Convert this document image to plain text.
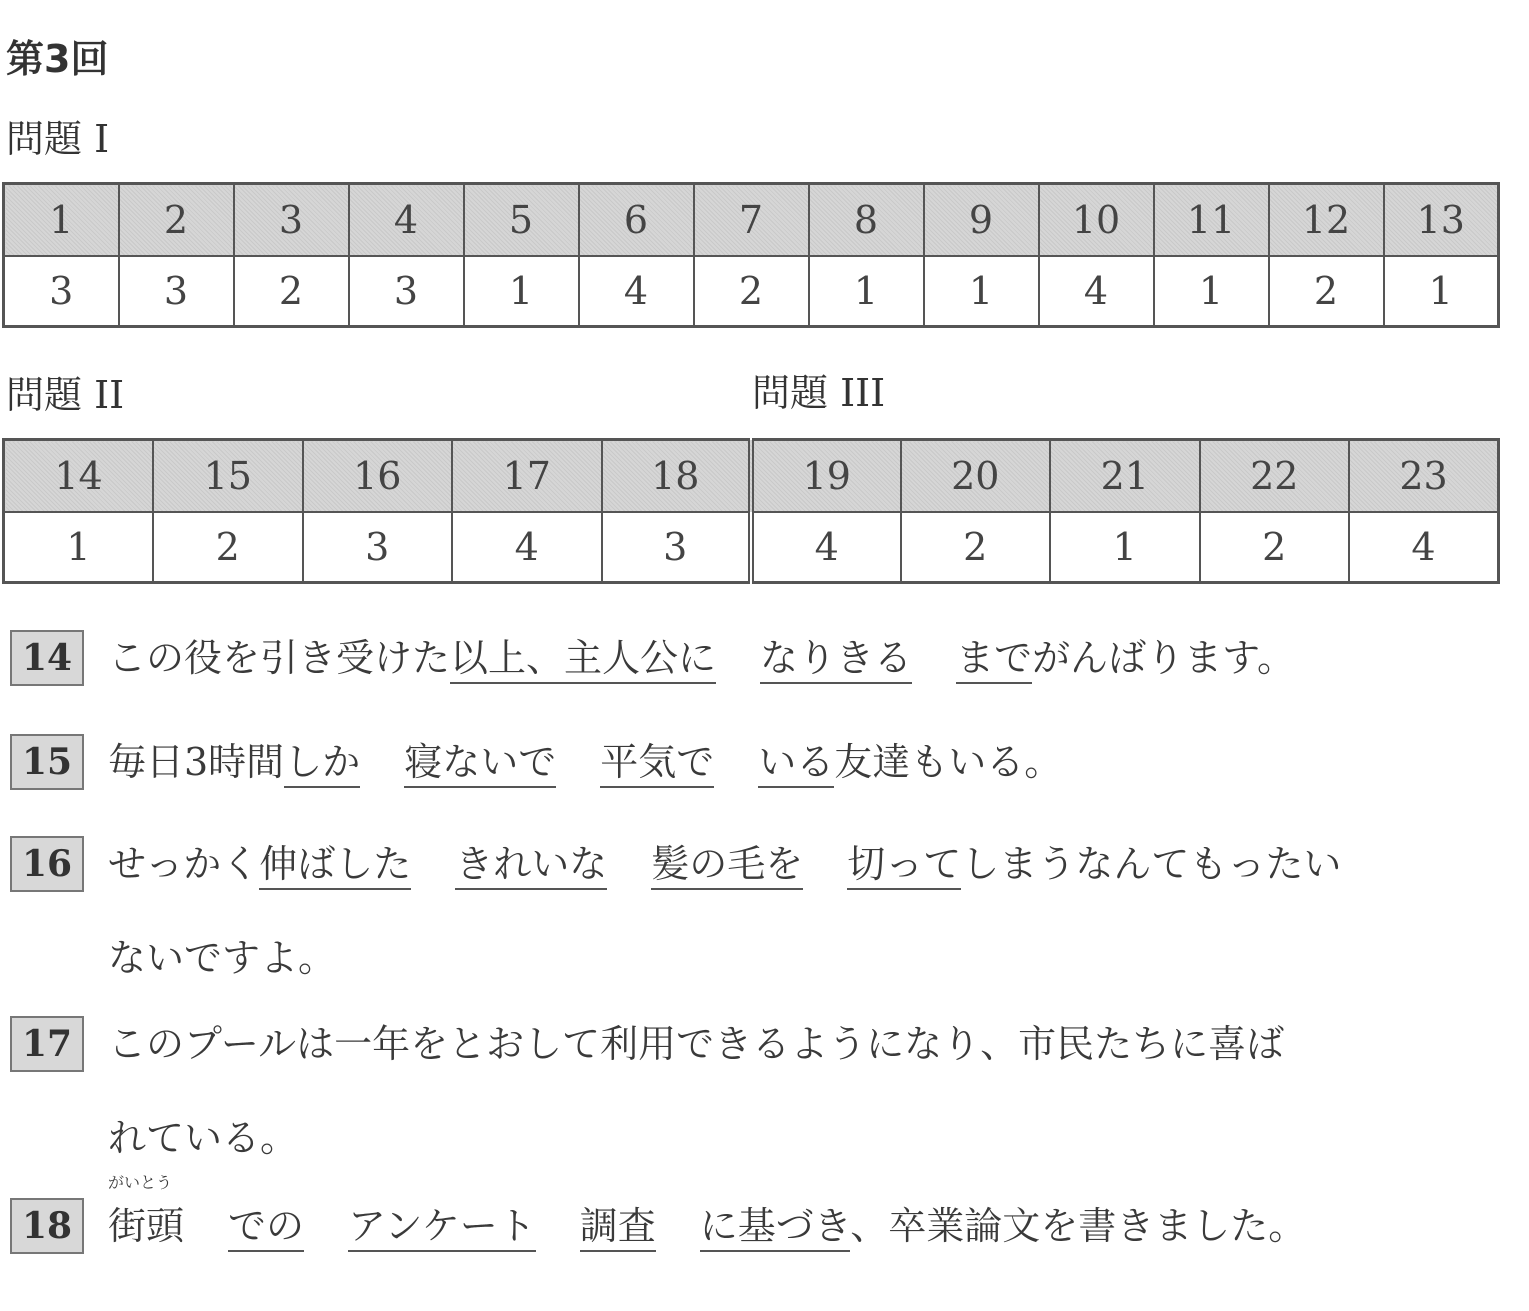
第3回
問題 I
1	2	3	4	5	6	7	8	9	10	11	12	13
3	3	2	3	1	4	2	1	1	4	1	2	1
問題 II	問題 III
14	15	16	17	18	19	20	21	22	23
1	2	3	4	3	4	2	1	2	4
14 この役を引き受けた以上、主人公に なりきる までがんばります。
15 毎日3時間しか 寝ないで 平気で いる友達もいる。
16 せっかく伸ばした きれいな 髪の毛を 切ってしまうなんてもったい
ないですよ。
17 このプールは一年をとおして利用できるようになり、市民たちに喜ば
れている。
18
がいとう
街頭 での アンケート 調査 に基づき、卒業論文を書きました。
